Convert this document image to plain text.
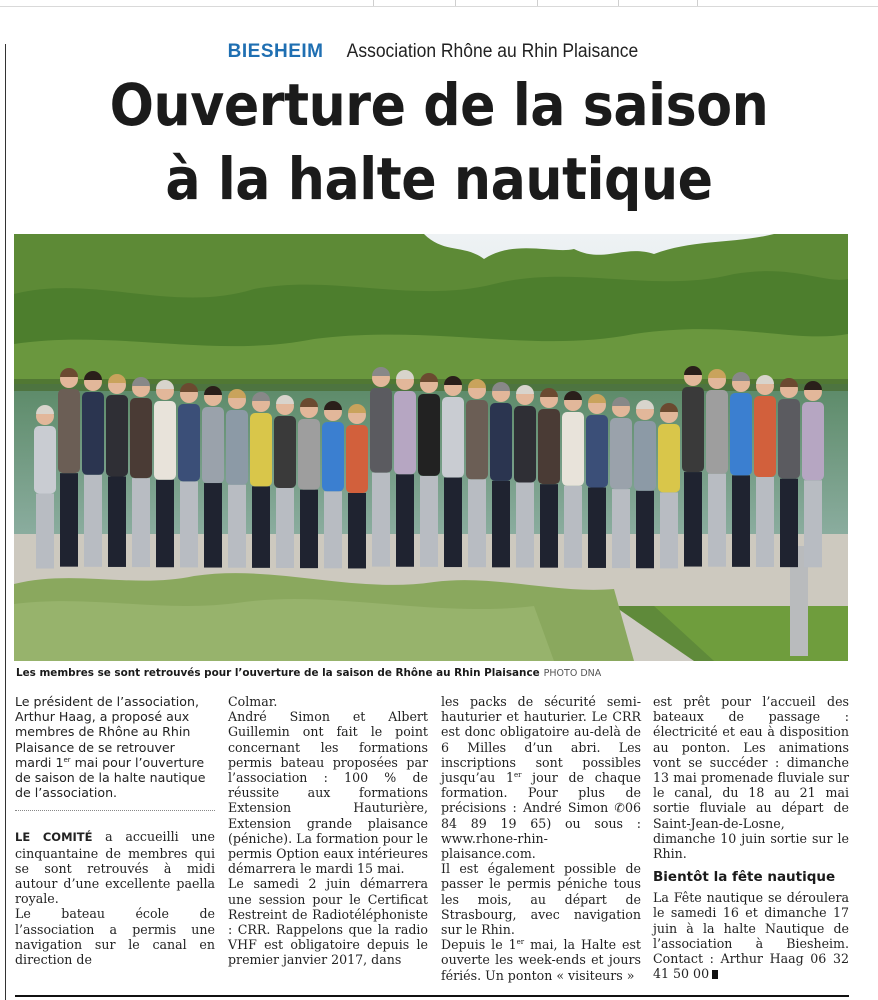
BIESHEIM Association Rhône au Rhin Plaisance
Ouverture de la saison
à la halte nautique
Les membres se sont retrouvés pour l’ouverture de la saison de Rhône au Rhin Plaisance PHOTO DNA

Le président de l’association, Arthur Haag, a proposé aux membres de Rhône au Rhin Plaisance de se retrouver mardi 1er mai pour l’ouverture de saison de la halte nautique de l’association.

LE COMITÉ a accueilli une cinquantaine de membres qui se sont retrouvés à midi autour d’une excellente paella royale.

Le bateau école de l’association a permis une navigation sur le canal en direction de

Colmar.

André Simon et Albert Guillemin ont fait le point concernant les formations permis bateau proposées par l’association : 100 % de réussite aux formations Extension Hauturière, Extension grande plaisance (péniche). La formation pour le permis Option eaux intérieures démarrera le mardi 15 mai.

Le samedi 2 juin démarrera une session pour le Certificat Restreint de Radiotéléphoniste : CRR. Rappelons que la radio VHF est obligatoire depuis le premier janvier 2017, dans

les packs de sécurité semi-hauturier et hauturier. Le CRR est donc obligatoire au-delà de 6 Milles d’un abri. Les inscriptions sont possibles jusqu’au 1er jour de chaque formation. Pour plus de précisions : André Simon ✆06 84 89 19 65) ou sous : www.rhone-rhin-plaisance.com.

Il est également possible de passer le permis péniche tous les mois, au départ de Strasbourg, avec navigation sur le Rhin.

Depuis le 1er mai, la Halte est ouverte les week-ends et jours fériés. Un ponton « visiteurs »

est prêt pour l’accueil des bateaux de passage : électricité et eau à disposition au ponton. Les animations vont se succéder : dimanche 13 mai promenade fluviale sur le canal, du 18 au 21 mai sortie fluviale au départ de Saint-Jean-de-Losne, dimanche 10 juin sortie sur le Rhin.

Bientôt la fête nautique

La Fête nautique se déroulera le samedi 16 et dimanche 17 juin à la halte Nautique de l’association à Biesheim. Contact : Arthur Haag 06 32 41 50 00
